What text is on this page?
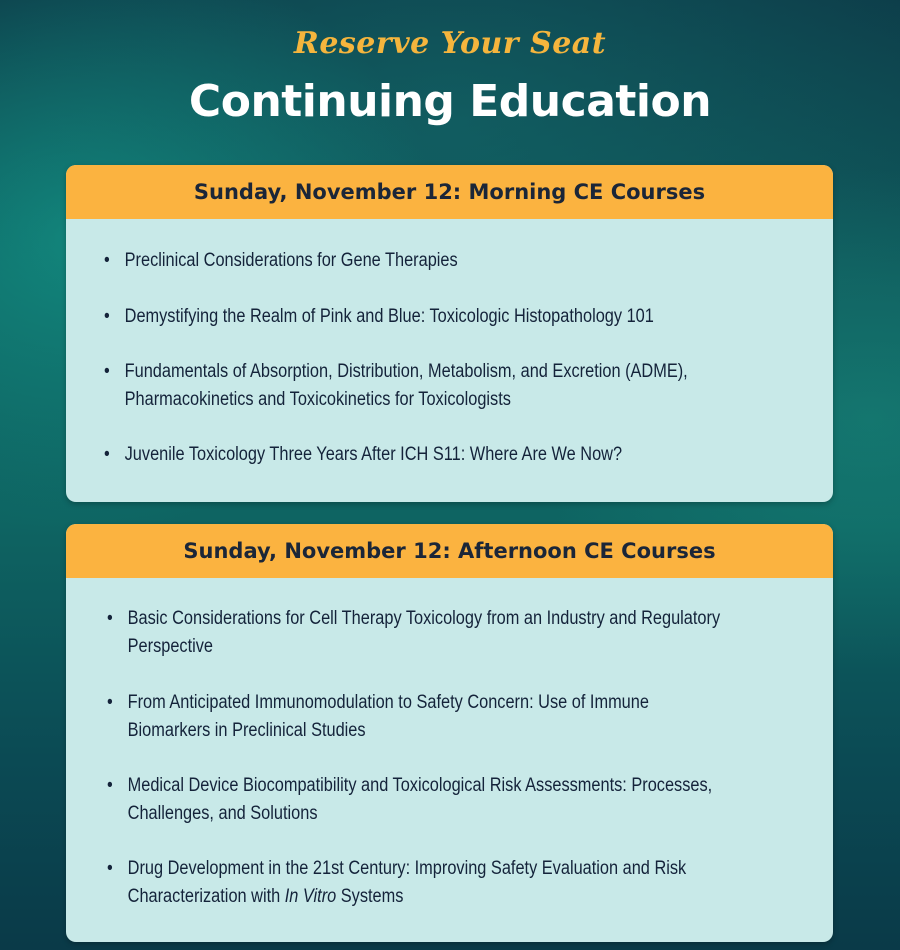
Reserve Your Seat
Continuing Education
Sunday, November 12: Morning CE Courses
• Preclinical Considerations for Gene Therapies
• Demystifying the Realm of Pink and Blue: Toxicologic Histopathology 101
• Fundamentals of Absorption, Distribution, Metabolism, and Excretion (ADME), Pharmacokinetics and Toxicokinetics for Toxicologists
• Juvenile Toxicology Three Years After ICH S11: Where Are We Now?
Sunday, November 12: Afternoon CE Courses
• Basic Considerations for Cell Therapy Toxicology from an Industry and Regulatory Perspective
• From Anticipated Immunomodulation to Safety Concern: Use of Immune Biomarkers in Preclinical Studies
• Medical Device Biocompatibility and Toxicological Risk Assessments: Processes, Challenges, and Solutions
• Drug Development in the 21st Century: Improving Safety Evaluation and Risk Characterization with In Vitro Systems
